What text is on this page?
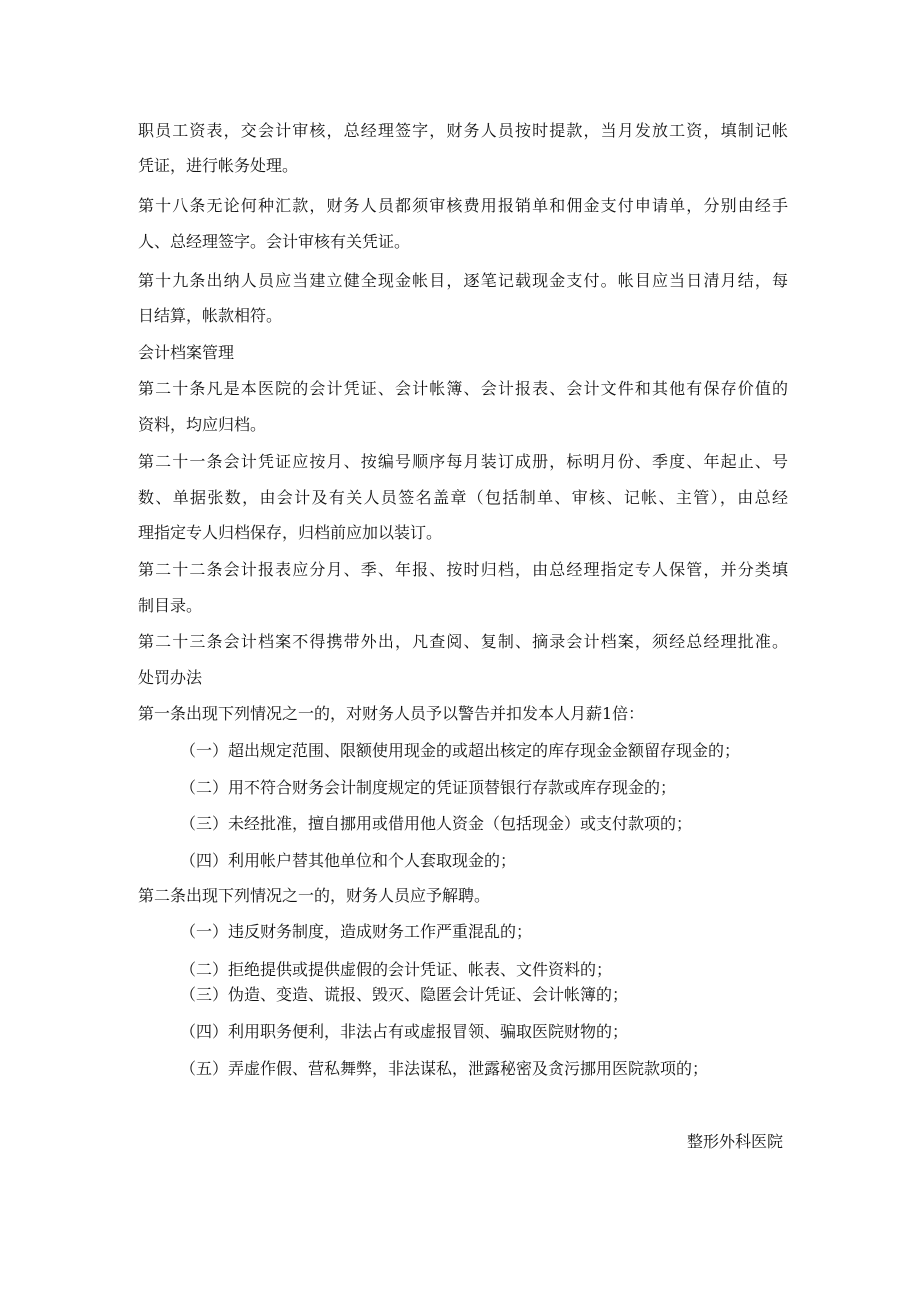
职员工资表，交会计审核，总经理签字，财务人员按时提款，当月发放工资，填制记帐
凭证，进行帐务处理。
第十八条无论何种汇款，财务人员都须审核费用报销单和佣金支付申请单，分别由经手
人、总经理签字。会计审核有关凭证。
第十九条出纳人员应当建立健全现金帐目，逐笔记载现金支付。帐目应当日清月结，每
日结算，帐款相符。
会计档案管理
第二十条凡是本医院的会计凭证、会计帐簿、会计报表、会计文件和其他有保存价值的
资料，均应归档。
第二十一条会计凭证应按月、按编号顺序每月装订成册，标明月份、季度、年起止、号
数、单据张数，由会计及有关人员签名盖章（包括制单、审核、记帐、主管），由总经
理指定专人归档保存，归档前应加以装订。
第二十二条会计报表应分月、季、年报、按时归档，由总经理指定专人保管，并分类填
制目录。
第二十三条会计档案不得携带外出，凡查阅、复制、摘录会计档案，须经总经理批准。
处罚办法
第一条出现下列情况之一的，对财务人员予以警告并扣发本人月薪1倍：
（一）超出规定范围、限额使用现金的或超出核定的库存现金金额留存现金的；
（二）用不符合财务会计制度规定的凭证顶替银行存款或库存现金的；
（三）未经批准，擅自挪用或借用他人资金（包括现金）或支付款项的；
（四）利用帐户替其他单位和个人套取现金的；
第二条出现下列情况之一的，财务人员应予解聘。
（一）违反财务制度，造成财务工作严重混乱的；
（二）拒绝提供或提供虚假的会计凭证、帐表、文件资料的；
（三）伪造、变造、谎报、毁灭、隐匿会计凭证、会计帐簿的；
（四）利用职务便利，非法占有或虚报冒领、骗取医院财物的；
（五）弄虚作假、营私舞弊，非法谋私，泄露秘密及贪污挪用医院款项的；
整形外科医院
